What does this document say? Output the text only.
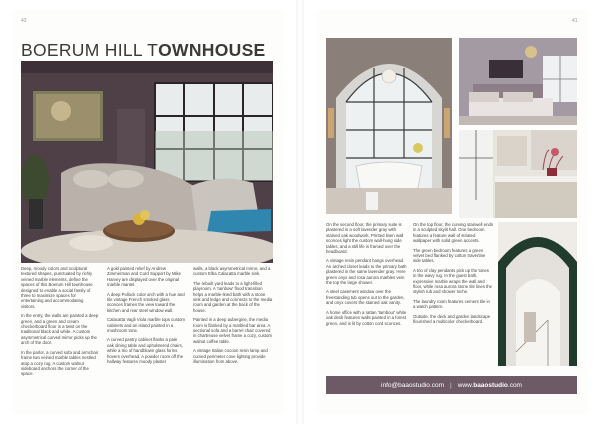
42	41
BOERUM HILL TOWNHOUSE

Deep, moody colors and sculptural textured shapes, punctuated by richly veined marble elements, define the spaces of this Boerum Hill townhouse designed to enable a social family of three to maximize spaces for entertaining and accommodating visitors.

In the entry, the walls are painted a deep green, and a green and cream checkerboard floor is a twist on the traditional black and white. A custom asymmetrical curved mirror picks up the arch of the door.

In the parlor, a curved sofa and armchair frame two veined marble tables nestled atop a cozy rug. A custom walnut sideboard anchors the corner of the space.

A gold painted relief by Andrew Zimmerman and Curd Support by Mike Harvey are displayed over the original marble mantel.

A deep Pollock color arch with a hue and tile vintage French smoked glass sconces frames the view toward the kitchen and rear steel window wall.

Calacatta Vagli Viola marble tops custom cabinets and an island painted in a mushroom tone.

A curved pantry cabinet flanks a pale oak dining table and upholstered chairs, while a trio of handblown glass forms hovers overhead. A powder room off the hallway features moody plaster

walls, a black asymmetrical mirror, and a custom Elba Calacatta marble sink.

The rebuilt yard leads to a light-filled playroom. A 'rainbow' flood transition helps a marble-lined bath with a stone sink and ledge and connects to the media room and garden at the back of the house.

Painted in a deep aubergine, the media room is flanked by a marbled bar area. A sectional sofa and a barrel chair covered in chartreuse velvet frame a cozy, custom walnut coffee table.

A vintage Italian cocoon resin lamp and curved perimeter cove lighting provide illumination from above.

On the second floor, the primary suite is plastered in a soft lavender gray with stained oak woodwork. Printed linen wall sconces light the custom wall-hung side tables, and a still life is framed over the headboard.

A vintage resin pendant hangs overhead. An arched closet leads to the primary bath plastered in the same lavender gray. Here green onyx and rosa aurora marbles vein the top the large shower.

A steel casement window over the freestanding tub opens out to the garden, and onyx covers the stained oak vanity.

A home office with a rattan 'tambour' white oak desk features walls painted in a forest green, and is lit by cotton cord sconces.

On the top floor, the curving stairwell ends in a sculpted skylit hall. One bedroom features a feature wall of striated wallpaper with solid green accents.

The green bedroom features a green velvet bed flanked by cotton travertine side tables.

A trio of clay pendants pick up the tones in the wavy rug. In the guest bath, expressive marble wraps the wall and floor, while rosa aurora stone tile lines the stylish tub and shower niche.

The laundry room features cement tile in a watch pattern.

Outside, the deck and garden landscape flourished a multicolor checkerboard.

info@baaostudio.com | www.baaostudio.com
